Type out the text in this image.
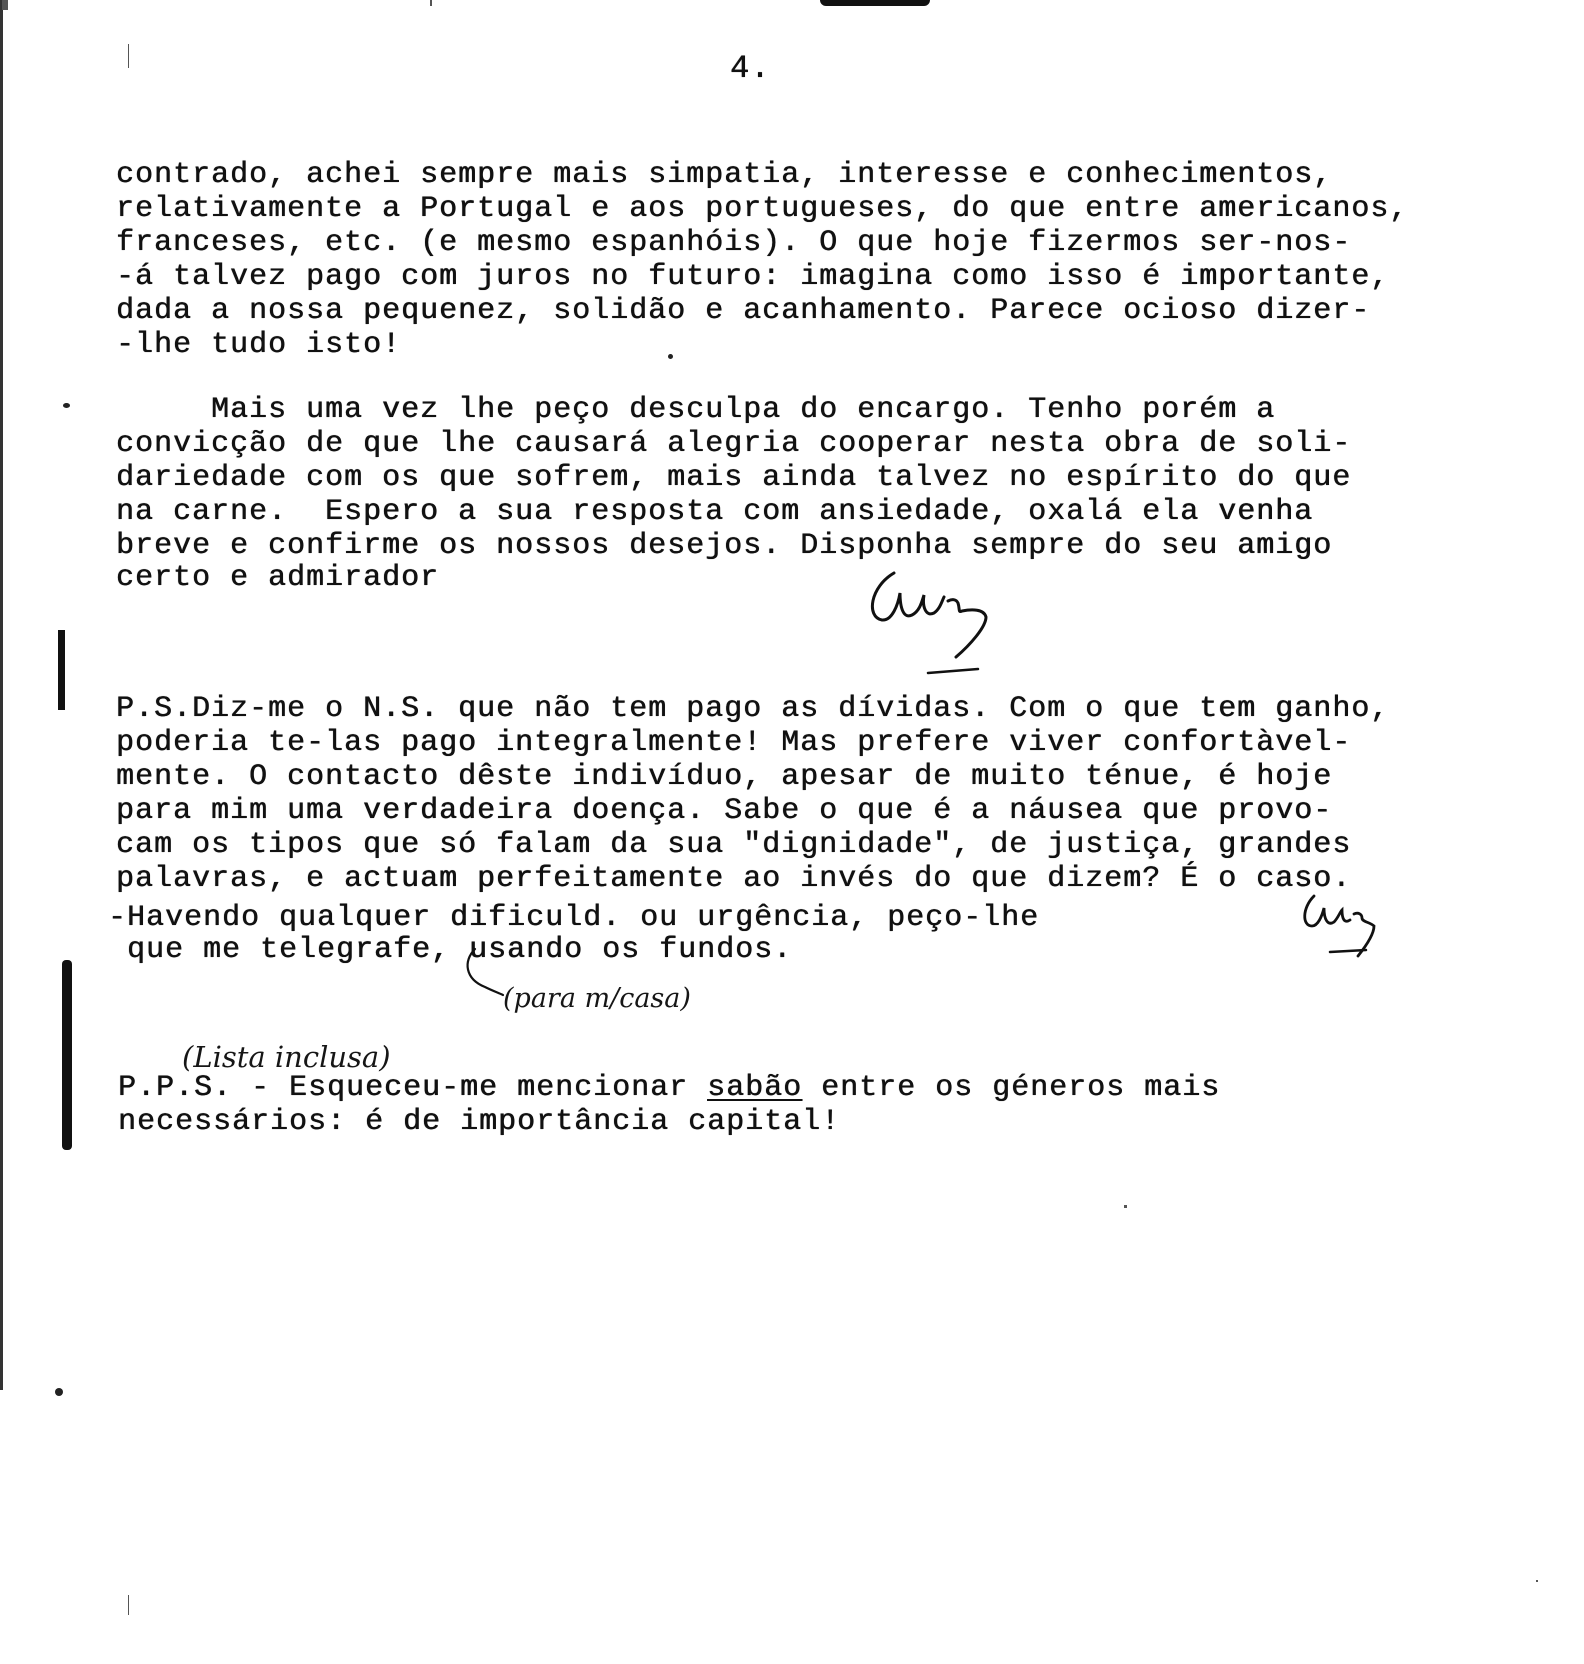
4.
contrado, achei sempre mais simpatia, interesse e conhecimentos,
relativamente a Portugal e aos portugueses, do que entre americanos,
franceses, etc. (e mesmo espanhóis). O que hoje fizermos ser-nos-
-á talvez pago com juros no futuro: imagina como isso é importante,
dada a nossa pequenez, solidão e acanhamento. Parece ocioso dizer-
-lhe tudo isto!
Mais uma vez lhe peço desculpa do encargo. Tenho porém a
convicção de que lhe causará alegria cooperar nesta obra de soli-
dariedade com os que sofrem, mais ainda talvez no espírito do que
na carne.  Espero a sua resposta com ansiedade, oxalá ela venha
breve e confirme os nossos desejos. Disponha sempre do seu amigo
certo e admirador
P.S.Diz-me o N.S. que não tem pago as dívidas. Com o que tem ganho,
poderia te-las pago integralmente! Mas prefere viver confortàvel-
mente. O contacto dêste indivíduo, apesar de muito ténue, é hoje
para mim uma verdadeira doença. Sabe o que é a náusea que provo-
cam os tipos que só falam da sua "dignidade", de justiça, grandes
palavras, e actuam perfeitamente ao invés do que dizem? É o caso.
-Havendo qualquer dificuld. ou urgência, peço-lhe
que me telegrafe, usando os fundos.
(para m/casa)
(Lista inclusa)
P.P.S. - Esqueceu-me mencionar sabão entre os géneros mais
necessários: é de importância capital!
